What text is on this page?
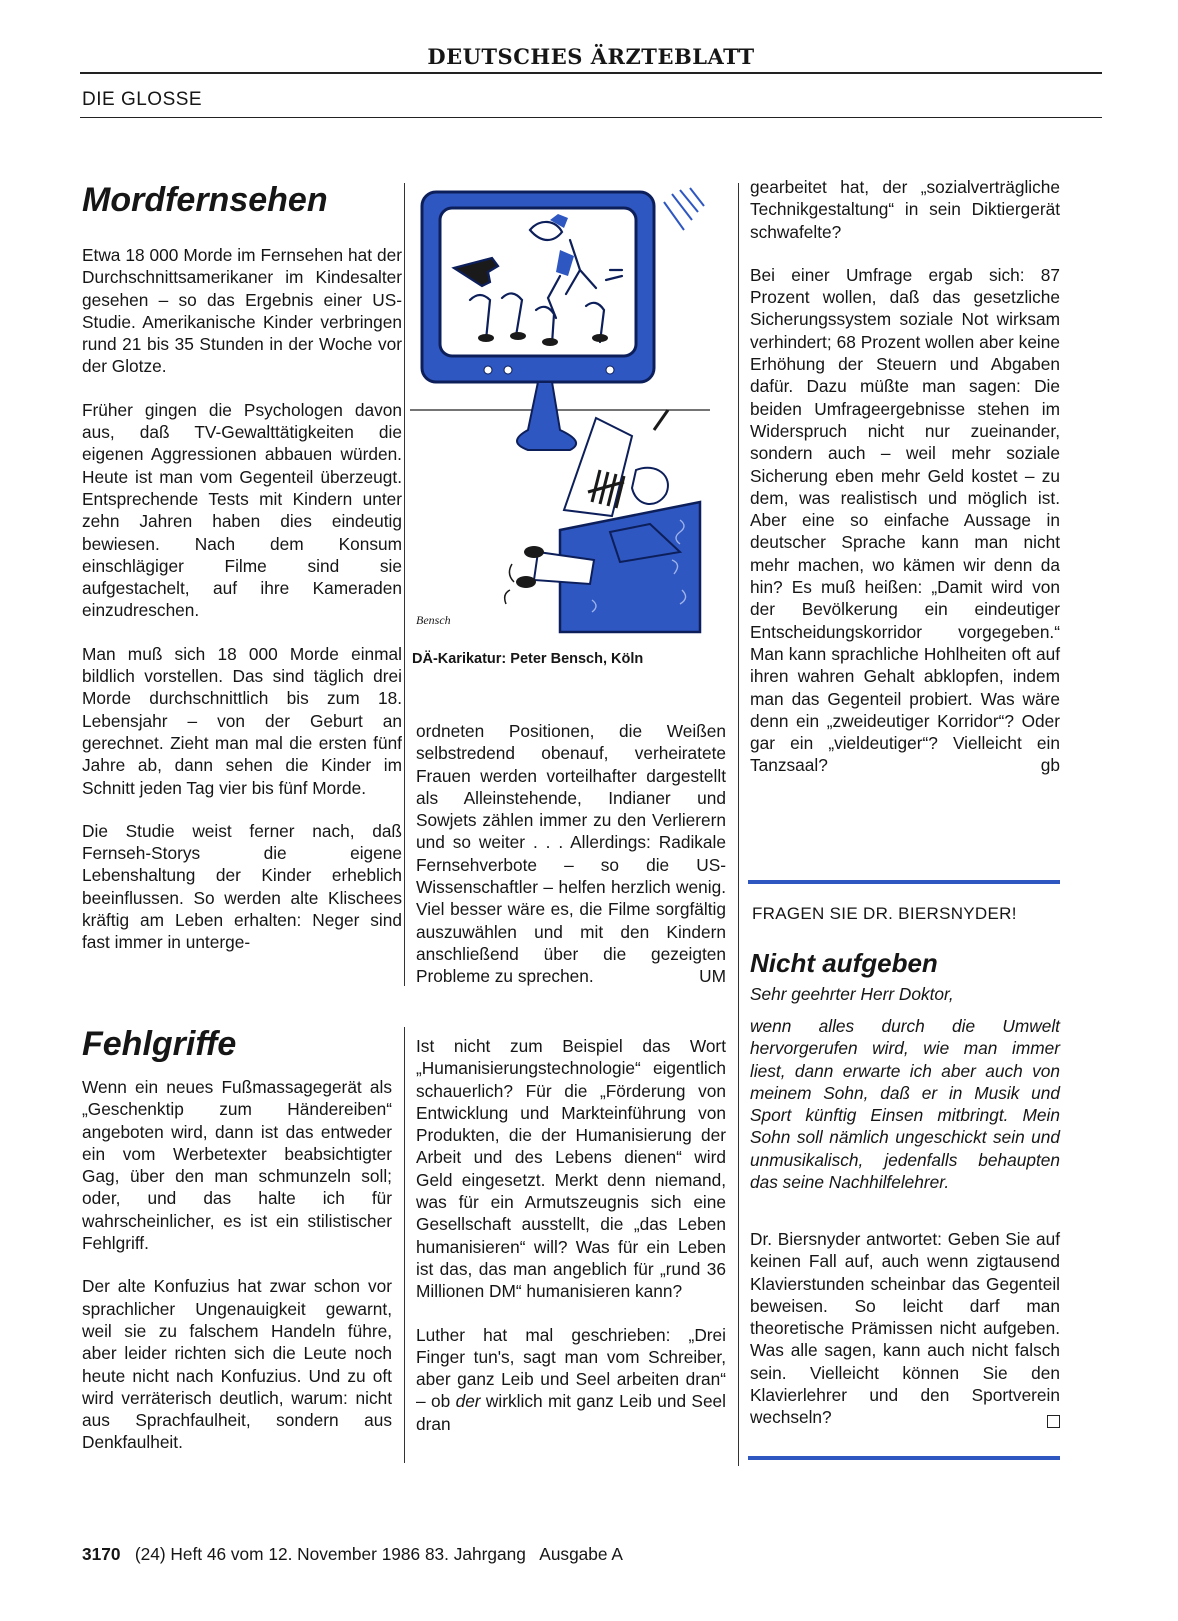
DEUTSCHES ÄRZTEBLATT
DIE GLOSSE
Mordfernsehen

Etwa 18 000 Morde im Fernsehen hat der Durchschnittsamerikaner im Kindesalter gesehen – so das Ergebnis einer US-Studie. Amerikanische Kinder verbringen rund 21 bis 35 Stunden in der Woche vor der Glotze.

Früher gingen die Psychologen davon aus, daß TV-Gewalttätigkeiten die eigenen Aggressionen abbauen würden. Heute ist man vom Gegenteil überzeugt. Entsprechende Tests mit Kindern unter zehn Jahren haben dies eindeutig bewiesen. Nach dem Konsum einschlägiger Filme sind sie aufgestachelt, auf ihre Kameraden einzudreschen.

Man muß sich 18 000 Morde einmal bildlich vorstellen. Das sind täglich drei Morde durchschnittlich bis zum 18. Lebensjahr – von der Geburt an gerechnet. Zieht man mal die ersten fünf Jahre ab, dann sehen die Kinder im Schnitt jeden Tag vier bis fünf Morde.

Die Studie weist ferner nach, daß Fernseh-Storys die eigene Lebenshaltung der Kinder erheblich beeinflussen. So werden alte Klischees kräftig am Leben erhalten: Neger sind fast immer in unterge-

Bensch
DÄ-Karikatur: Peter Bensch, Köln

ordneten Positionen, die Weißen selbstredend obenauf, verheiratete Frauen werden vorteilhafter dargestellt als Alleinstehende, Indianer und Sowjets zählen immer zu den Verlierern und so weiter . . . Allerdings: Radikale Fernsehverbote – so die US-Wissenschaftler – helfen herzlich wenig. Viel besser wäre es, die Filme sorgfältig auszuwählen und mit den Kindern anschließend über die gezeigten Probleme zu sprechen.	UM

Fehlgriffe

Wenn ein neues Fußmassagegerät als „Geschenktip zum Händereiben“ angeboten wird, dann ist das entweder ein vom Werbetexter beabsichtigter Gag, über den man schmunzeln soll; oder, und das halte ich für wahrscheinlicher, es ist ein stilistischer Fehlgriff.

Der alte Konfuzius hat zwar schon vor sprachlicher Ungenauigkeit gewarnt, weil sie zu falschem Handeln führe, aber leider richten sich die Leute noch heute nicht nach Konfuzius. Und zu oft wird verräterisch deutlich, warum: nicht aus Sprachfaulheit, sondern aus Denkfaulheit.

Ist nicht zum Beispiel das Wort „Humanisierungstechnologie“ eigentlich schauerlich? Für die „Förderung von Entwicklung und Markteinführung von Produkten, die der Humanisierung der Arbeit und des Lebens dienen“ wird Geld eingesetzt. Merkt denn niemand, was für ein Armutszeugnis sich eine Gesellschaft ausstellt, die „das Leben humanisieren“ will? Was für ein Leben ist das, das man angeblich für „rund 36 Millionen DM“ humanisieren kann?

Luther hat mal geschrieben: „Drei Finger tun's, sagt man vom Schreiber, aber ganz Leib und Seel arbeiten dran“ – ob der wirklich mit ganz Leib und Seel dran

gearbeitet hat, der „sozialverträgliche Technikgestaltung“ in sein Diktiergerät schwafelte?

Bei einer Umfrage ergab sich: 87 Prozent wollen, daß das gesetzliche Sicherungssystem soziale Not wirksam verhindert; 68 Prozent wollen aber keine Erhöhung der Steuern und Abgaben dafür. Dazu müßte man sagen: Die beiden Umfrageergebnisse stehen im Widerspruch nicht nur zueinander, sondern auch – weil mehr soziale Sicherung eben mehr Geld kostet – zu dem, was realistisch und möglich ist. Aber eine so einfache Aussage in deutscher Sprache kann man nicht mehr machen, wo kämen wir denn da hin? Es muß heißen: „Damit wird von der Bevölkerung ein eindeutiger Entscheidungskorridor vorgegeben.“ Man kann sprachliche Hohlheiten oft auf ihren wahren Gehalt abklopfen, indem man das Gegenteil probiert. Was wäre denn ein „zweideutiger Korridor“? Oder gar ein „vieldeutiger“? Vielleicht ein Tanzsaal?	gb

FRAGEN SIE DR. BIERSNYDER!
Nicht aufgeben
Sehr geehrter Herr Doktor,
wenn alles durch die Umwelt hervorgerufen wird, wie man immer liest, dann erwarte ich aber auch von meinem Sohn, daß er in Musik und Sport künftig Einsen mitbringt. Mein Sohn soll nämlich ungeschickt sein und unmusikalisch, jedenfalls behaupten das seine Nachhilfelehrer.
Dr. Biersnyder antwortet: Geben Sie auf keinen Fall auf, auch wenn zigtausend Klavierstunden scheinbar das Gegenteil beweisen. So leicht darf man theoretische Prämissen nicht aufgeben. Was alle sagen, kann auch nicht falsch sein. Vielleicht können Sie den Klavierlehrer und den Sportverein wechseln?
3170 (24) Heft 46 vom 12. November 1986 83. Jahrgang Ausgabe A
